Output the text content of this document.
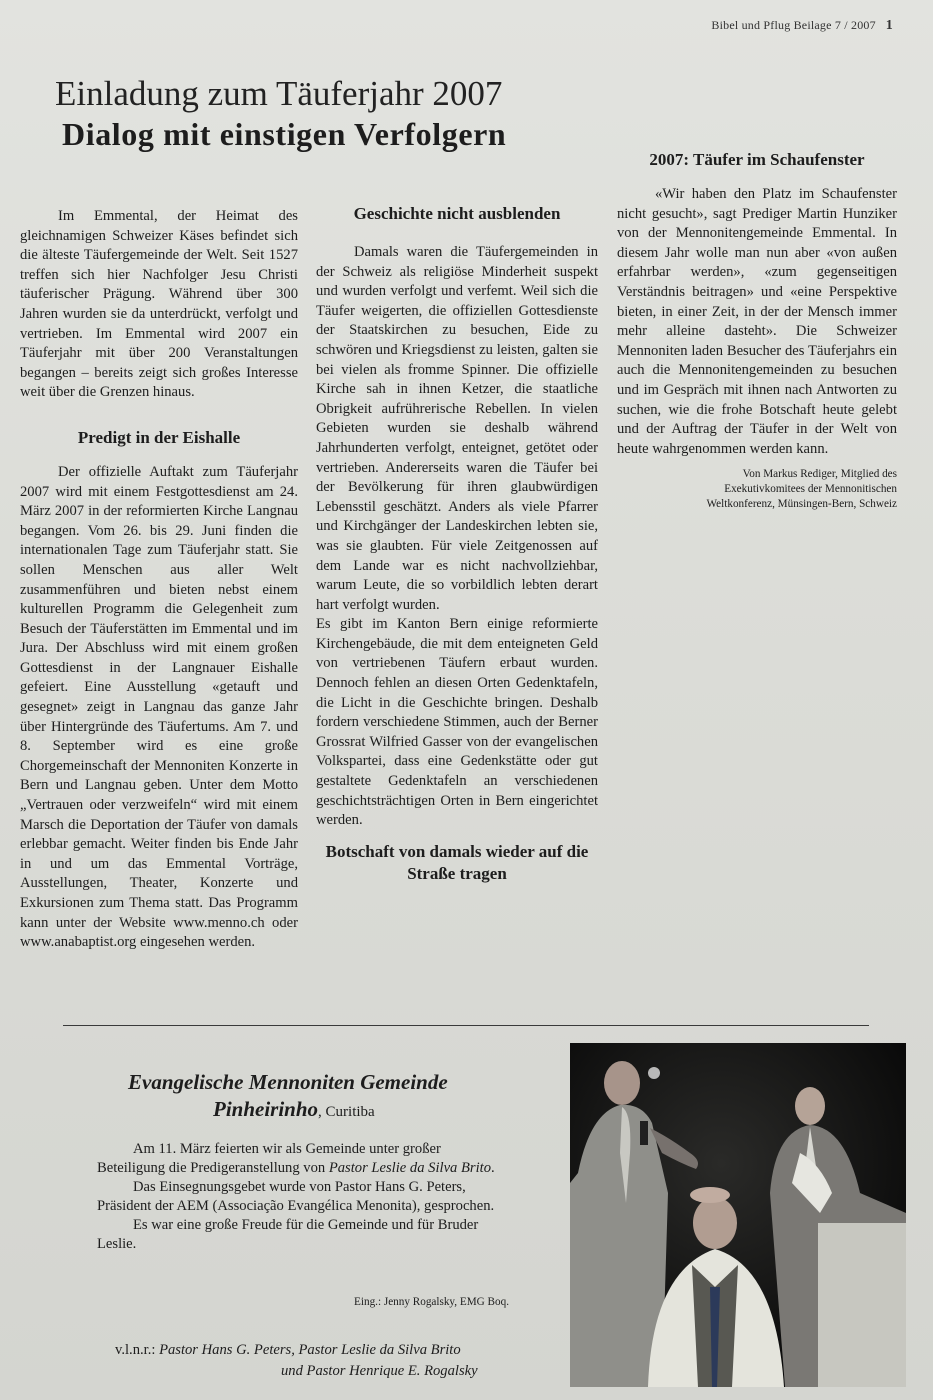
Bibel und Pflug Beilage 7 / 2007 1
Einladung zum Täuferjahr 2007
Dialog mit einstigen Verfolgern

Im Emmental, der Heimat des gleichnamigen Schweizer Käses befindet sich die älteste Täufergemeinde der Welt. Seit 1527 treffen sich hier Nachfolger Jesu Christi täuferischer Prägung. Während über 300 Jahren wurden sie da unterdrückt, verfolgt und vertrieben. Im Emmental wird 2007 ein Täuferjahr mit über 200 Veranstaltungen begangen – bereits zeigt sich großes Interesse weit über die Grenzen hinaus.

Predigt in der Eishalle

Der offizielle Auftakt zum Täuferjahr 2007 wird mit einem Festgottesdienst am 24. März 2007 in der reformierten Kirche Langnau begangen. Vom 26. bis 29. Juni finden die internationalen Tage zum Täuferjahr statt. Sie sollen Menschen aus aller Welt zusammenführen und bieten nebst einem kulturellen Programm die Gelegenheit zum Besuch der Täuferstätten im Emmental und im Jura. Der Abschluss wird mit einem großen Gottesdienst in der Langnauer Eishalle gefeiert. Eine Ausstellung «getauft und gesegnet» zeigt in Langnau das ganze Jahr über Hintergründe des Täufertums. Am 7. und 8. September wird es eine große Chorgemeinschaft der Mennoniten Konzerte in Bern und Langnau geben. Unter dem Motto „Vertrauen oder verzweifeln“ wird mit einem Marsch die Deportation der Täufer von damals erlebbar gemacht. Weiter finden bis Ende Jahr in und um das Emmental Vorträge, Ausstellungen, Theater, Konzerte und Exkursionen zum Thema statt. Das Programm kann unter der Website www.menno.ch oder www.anabaptist.org eingesehen werden.

Geschichte nicht ausblenden

Damals waren die Täufergemeinden in der Schweiz als religiöse Minderheit suspekt und wurden verfolgt und verfemt. Weil sich die Täufer weigerten, die offiziellen Gottesdienste der Staatskirchen zu besuchen, Eide zu schwören und Kriegsdienst zu leisten, galten sie bei vielen als fromme Spinner. Die offizielle Kirche sah in ihnen Ketzer, die staatliche Obrigkeit aufrührerische Rebellen. In vielen Gebieten wurden sie deshalb während Jahrhunderten verfolgt, enteignet, getötet oder vertrieben. Andererseits waren die Täufer bei der Bevölkerung für ihren glaubwürdigen Lebensstil geschätzt. Anders als viele Pfarrer und Kirchgänger der Landeskirchen lebten sie, was sie glaubten. Für viele Zeitgenossen auf dem Lande war es nicht nachvollziehbar, warum Leute, die so vorbildlich lebten derart hart verfolgt wurden.

Es gibt im Kanton Bern einige reformierte Kirchengebäude, die mit dem enteigneten Geld von vertriebenen Täufern erbaut wurden. Dennoch fehlen an diesen Orten Gedenktafeln, die Licht in die Geschichte bringen. Deshalb fordern verschiedene Stimmen, auch der Berner Grossrat Wilfried Gasser von der evangelischen Volkspartei, dass eine Gedenkstätte oder gut gestaltete Gedenktafeln an verschiedenen geschichtsträchtigen Orten in Bern eingerichtet werden.

Botschaft von damals wieder auf die Straße tragen
2007: Täufer im Schaufenster

«Wir haben den Platz im Schaufenster nicht gesucht», sagt Prediger Martin Hunziker von der Mennonitengemeinde Emmental. In diesem Jahr wolle man nun aber «von außen erfahrbar werden», «zum gegenseitigen Verständnis beitragen» und «eine Perspektive bieten, in einer Zeit, in der der Mensch immer mehr alleine dasteht». Die Schweizer Mennoniten laden Besucher des Täuferjahrs ein auch die Mennonitengemeinden zu besuchen und im Gespräch mit ihnen nach Antworten zu suchen, wie die frohe Botschaft heute gelebt und der Auftrag der Täufer in der Welt von heute wahrgenommen werden kann.

Von Markus Rediger, Mitglied des
Exekutivkomitees der Mennonitischen
Weltkonferenz, Münsingen-Bern, Schweiz
Evangelische Mennoniten Gemeinde
Pinheirinho, Curitiba

Am 11. März feierten wir als Gemeinde unter großer Beteiligung die Predigeranstellung von Pastor Leslie da Silva Brito.

Das Einsegnungsgebet wurde von Pastor Hans G. Peters, Präsident der AEM (Associação Evangélica Menonita), gesprochen.

Es war eine große Freude für die Gemeinde und für Bruder Leslie.

Eing.: Jenny Rogalsky, EMG Boq.
v.l.n.r.: Pastor Hans G. Peters, Pastor Leslie da Silva Brito
und Pastor Henrique E. Rogalsky
